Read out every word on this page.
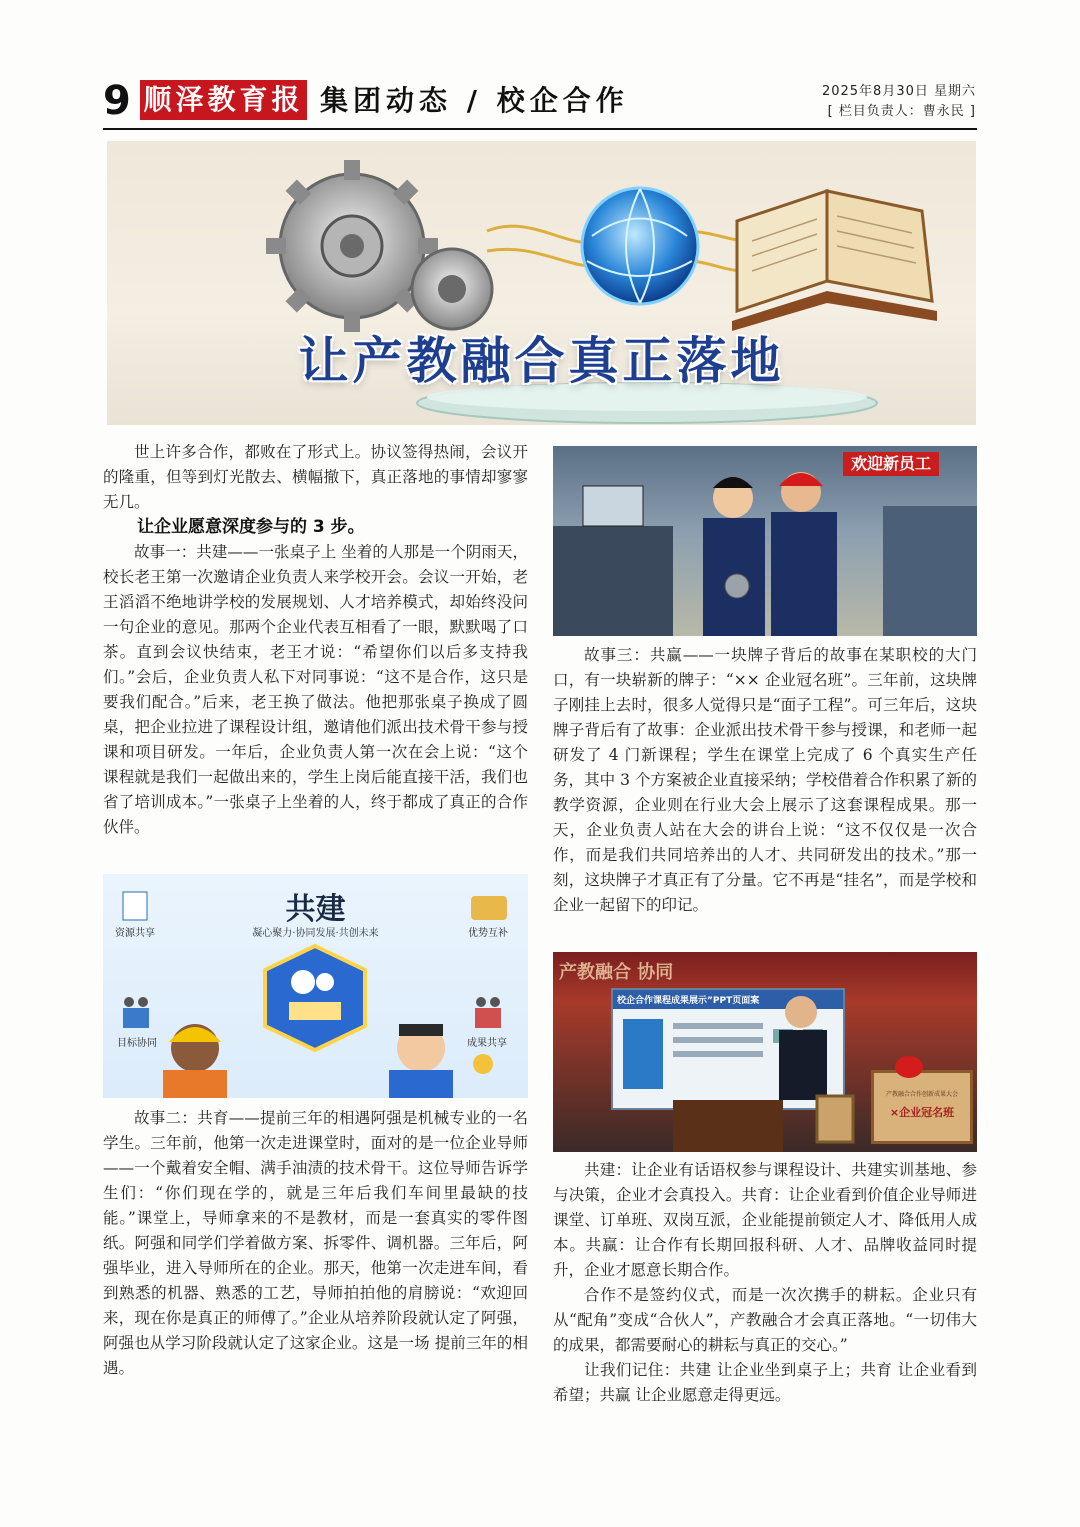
9 顺泽教育报 集团动态 / 校企合作	2025年8月30日 星期六
[ 栏目负责人：曹永民 ]
让产教融合真正落地

世上许多合作，都败在了形式上。协议签得热闹，会议开的隆重，但等到灯光散去、横幅撤下，真正落地的事情却寥寥无几。

让企业愿意深度参与的 3 步。

故事一：共建——一张桌子上 坐着的人那是一个阴雨天，校长老王第一次邀请企业负责人来学校开会。会议一开始，老王滔滔不绝地讲学校的发展规划、人才培养模式，却始终没问一句企业的意见。那两个企业代表互相看了一眼，默默喝了口茶。直到会议快结束，老王才说：“希望你们以后多支持我们。”会后，企业负责人私下对同事说：“这不是合作，这只是要我们配合。”后来，老王换了做法。他把那张桌子换成了圆桌，把企业拉进了课程设计组，邀请他们派出技术骨干参与授课和项目研发。一年后，企业负责人第一次在会上说：“这个课程就是我们一起做出来的，学生上岗后能直接干活，我们也省了培训成本。”一张桌子上坐着的人，终于都成了真正的合作伙伴。

共建
凝心聚力·协同发展·共创未来
资源共享	优势互补
目标协同	成果共享

故事二：共育——提前三年的相遇阿强是机械专业的一名学生。三年前，他第一次走进课堂时，面对的是一位企业导师——一个戴着安全帽、满手油渍的技术骨干。这位导师告诉学生们：“你们现在学的，就是三年后我们车间里最缺的技能。”课堂上，导师拿来的不是教材，而是一套真实的零件图纸。阿强和同学们学着做方案、拆零件、调机器。三年后，阿强毕业，进入导师所在的企业。那天，他第一次走进车间，看到熟悉的机器、熟悉的工艺，导师拍拍他的肩膀说：“欢迎回来，现在你是真正的师傅了。”企业从培养阶段就认定了阿强，阿强也从学习阶段就认定了这家企业。这是一场 提前三年的相遇。

欢迎新员工

故事三：共赢——一块牌子背后的故事在某职校的大门口，有一块崭新的牌子：“×× 企业冠名班”。三年前，这块牌子刚挂上去时，很多人觉得只是“面子工程”。可三年后，这块牌子背后有了故事：企业派出技术骨干参与授课，和老师一起研发了 4 门新课程；学生在课堂上完成了 6 个真实生产任务，其中 3 个方案被企业直接采纳；学校借着合作积累了新的教学资源，企业则在行业大会上展示了这套课程成果。那一天，企业负责人站在大会的讲台上说：“这不仅仅是一次合作，而是我们共同培养出的人才、共同研发出的技术。”那一刻，这块牌子才真正有了分量。它不再是“挂名”，而是学校和企业一起留下的印记。

产教融合 协同
校企合作课程成果展示”PPT页面案
产教融合合作创新成果大会
×企业冠名班

共建：让企业有话语权参与课程设计、共建实训基地、参与决策，企业才会真投入。共育：让企业看到价值企业导师进课堂、订单班、双岗互派，企业能提前锁定人才、降低用人成本。共赢：让合作有长期回报科研、人才、品牌收益同时提升，企业才愿意长期合作。

合作不是签约仪式，而是一次次携手的耕耘。企业只有从“配角”变成“合伙人”，产教融合才会真正落地。“一切伟大的成果，都需要耐心的耕耘与真正的交心。”

让我们记住：共建 让企业坐到桌子上；共育 让企业看到希望；共赢 让企业愿意走得更远。
